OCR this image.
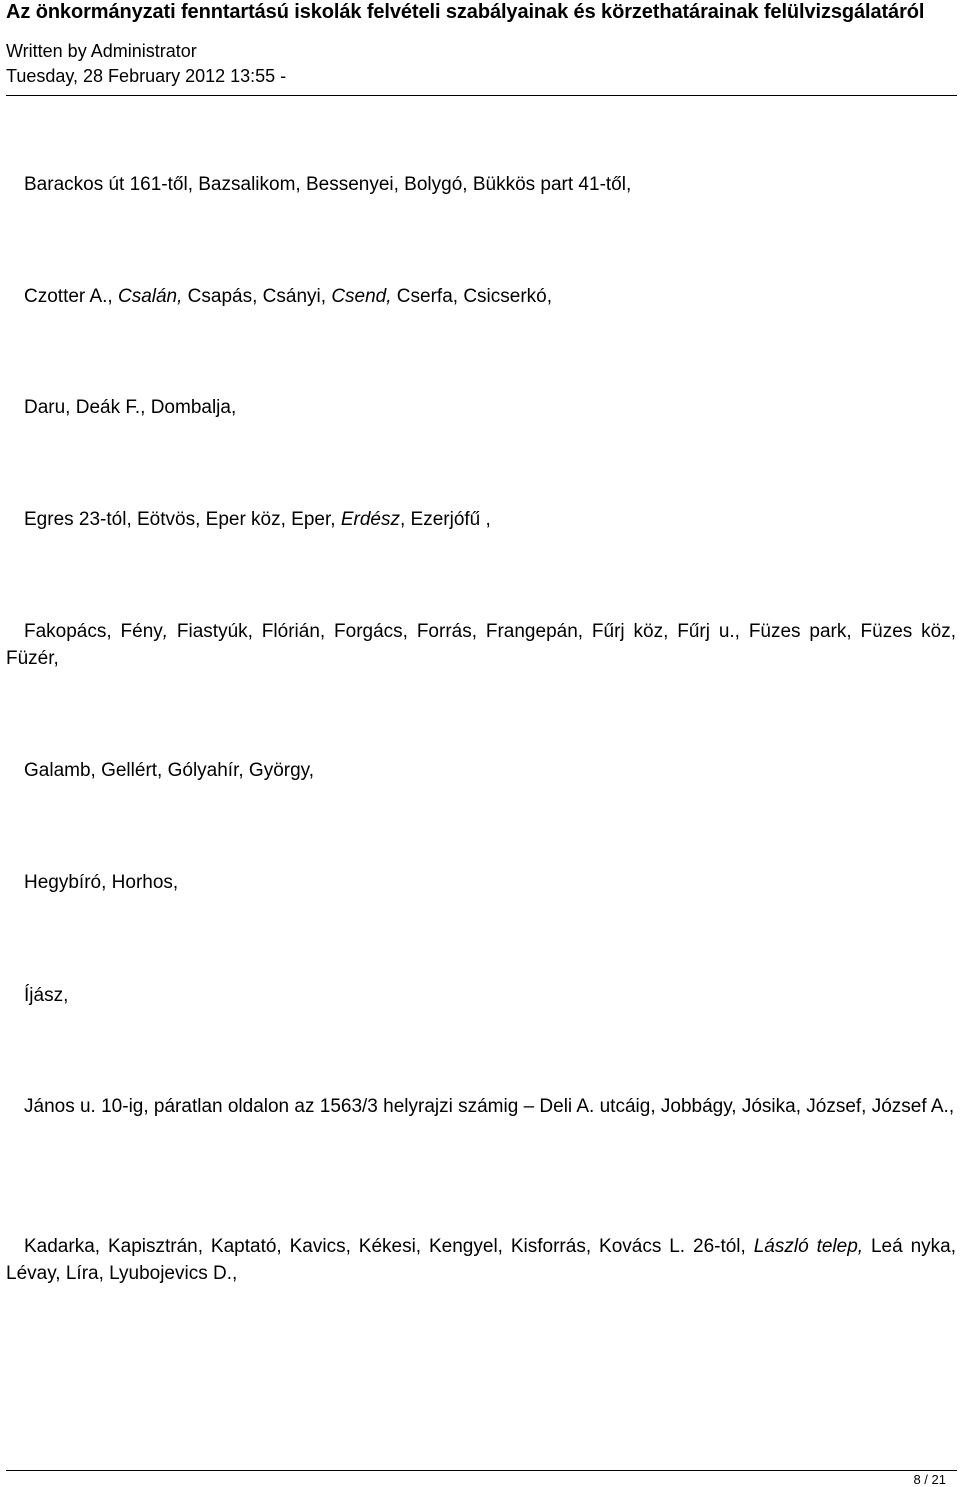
Az önkormányzati fenntartású iskolák felvételi szabályainak és körzethatárainak felülvizsgálatáról
Written by Administrator
Tuesday, 28 February 2012 13:55 -
Barackos út 161-től, Bazsalikom, Bessenyei, Bolygó, Bükkös part 41-től,
Czotter A., Csalán, Csapás, Csányi, Csend, Cserfa, Csicserkó,
Daru, Deák F., Dombalja,
Egres 23-tól, Eötvös, Eper köz, Eper, Erdész, Ezerjófű ,
Fakopács, Fény, Fiastyúk, Flórián, Forgács, Forrás, Frangepán, Fűrj köz, Fűrj u., Füzes park, Füzes köz, Füzér,
Galamb, Gellért, Gólyahír, György,
Hegybíró, Horhos,
Íjász,
János u. 10-ig, páratlan oldalon az 1563/3 helyrajzi számig – Deli A. utcáig, Jobbágy, Jósika, József, József A.,
Kadarka, Kapisztrán, Kaptató, Kavics, Kékesi, Kengyel, Kisforrás, Kovács L. 26-tól, László telep, Leá nyka, Lévay, Líra, Lyubojevics D.,
8 / 21
